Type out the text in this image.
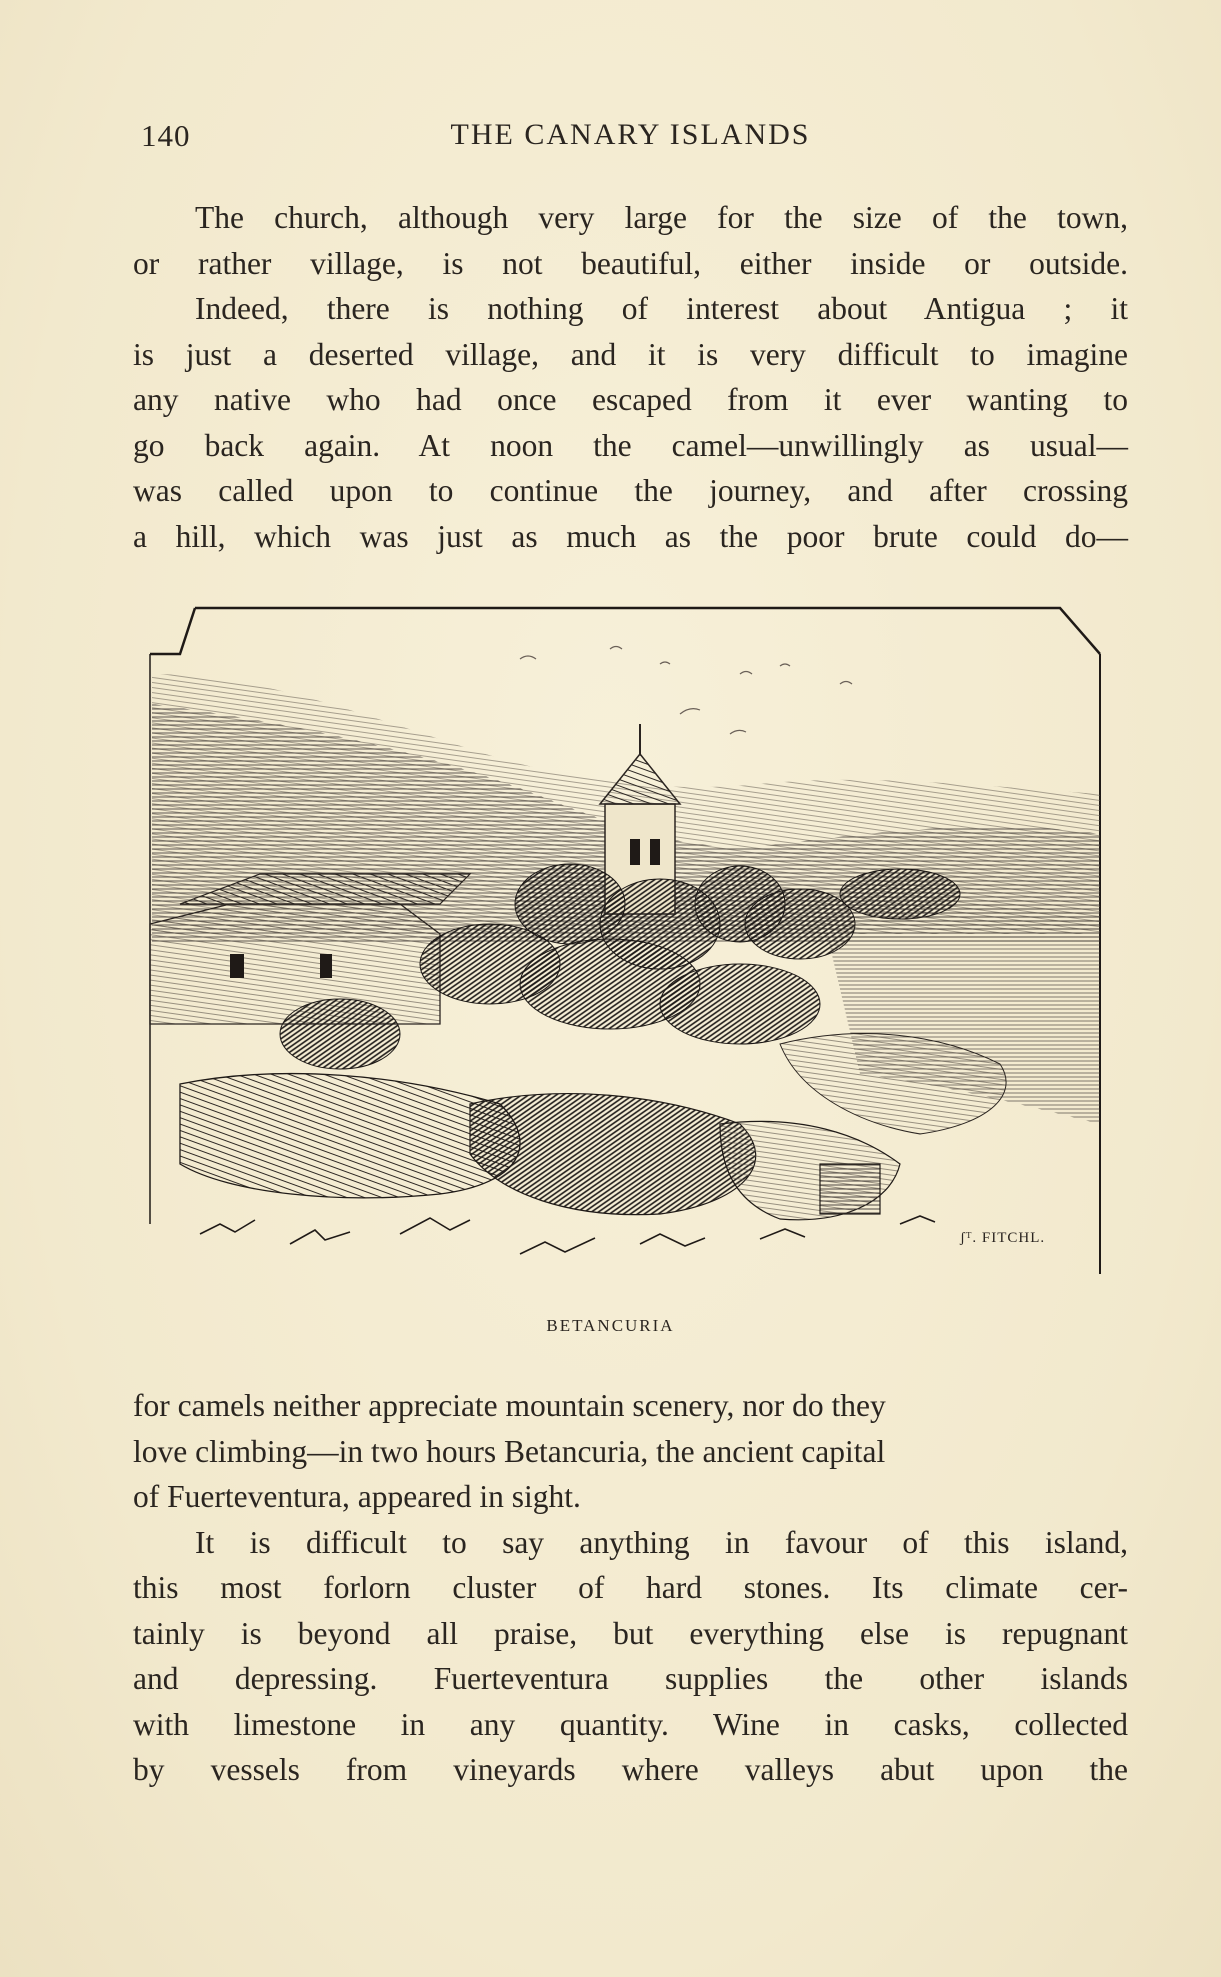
140	THE CANARY ISLANDS

The church, although very large for the size of the town,
or rather village, is not beautiful, either inside or outside.

Indeed, there is nothing of interest about Antigua ; it
is just a deserted village, and it is very difficult to imagine
any native who had once escaped from it ever wanting to
go back again. At noon the camel—unwillingly as usual—
was called upon to continue the journey, and after crossing
a hill, which was just as much as the poor brute could do—

ʃᵀ. FITCHL.
BETANCURIA

for camels neither appreciate mountain scenery, nor do they
love climbing—in two hours Betancuria, the ancient capital
of Fuerteventura, appeared in sight.

It is difficult to say anything in favour of this island,
this most forlorn cluster of hard stones. Its climate cer-
tainly is beyond all praise, but everything else is repugnant
and depressing. Fuerteventura supplies the other islands
with limestone in any quantity. Wine in casks, collected
by vessels from vineyards where valleys abut upon the
